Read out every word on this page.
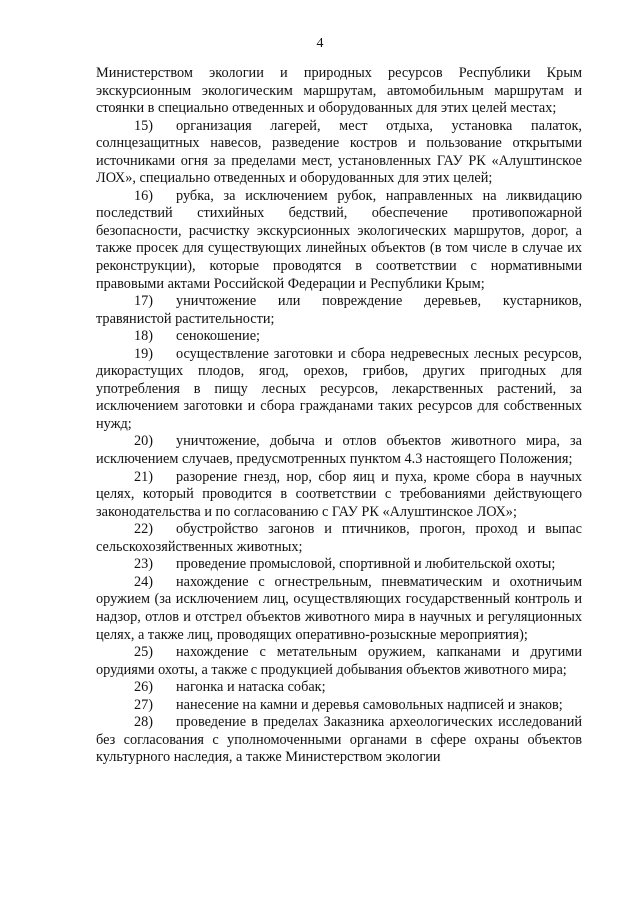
4

Министерством экологии и природных ресурсов Республики Крым экскурсионным экологическим маршрутам, автомобильным маршрутам и стоянки в специально отведенных и оборудованных для этих целей местах;

15) организация лагерей, мест отдыха, установка палаток, солнцезащитных навесов, разведение костров и пользование открытыми источниками огня за пределами мест, установленных ГАУ РК «Алуштинское ЛОХ», специально отведенных и оборудованных для этих целей;

16) рубка, за исключением рубок, направленных на ликвидацию последствий стихийных бедствий, обеспечение противопожарной безопасности, расчистку экскурсионных экологических маршрутов, дорог, а также просек для существующих линейных объектов (в том числе в случае их реконструкции), которые проводятся в соответствии с нормативными правовыми актами Российской Федерации и Республики Крым;

17) уничтожение или повреждение деревьев, кустарников, травянистой растительности;

18) сенокошение;

19) осуществление заготовки и сбора недревесных лесных ресурсов, дикорастущих плодов, ягод, орехов, грибов, других пригодных для употребления в пищу лесных ресурсов, лекарственных растений, за исключением заготовки и сбора гражданами таких ресурсов для собственных нужд;

20) уничтожение, добыча и отлов объектов животного мира, за исключением случаев, предусмотренных пунктом 4.3 настоящего Положения;

21) разорение гнезд, нор, сбор яиц и пуха, кроме сбора в научных целях, который проводится в соответствии с требованиями действующего законодательства и по согласованию с ГАУ РК «Алуштинское ЛОХ»;

22) обустройство загонов и птичников, прогон, проход и выпас сельскохозяйственных животных;

23) проведение промысловой, спортивной и любительской охоты;

24) нахождение с огнестрельным, пневматическим и охотничьим оружием (за исключением лиц, осуществляющих государственный контроль и надзор, отлов и отстрел объектов животного мира в научных и регуляционных целях, а также лиц, проводящих оперативно-розыскные мероприятия);

25) нахождение с метательным оружием, капканами и другими орудиями охоты, а также с продукцией добывания объектов животного мира;

26) нагонка и натаска собак;

27) нанесение на камни и деревья самовольных надписей и знаков;

28) проведение в пределах Заказника археологических исследований без согласования с уполномоченными органами в сфере охраны объектов культурного наследия, а также Министерством экологии
